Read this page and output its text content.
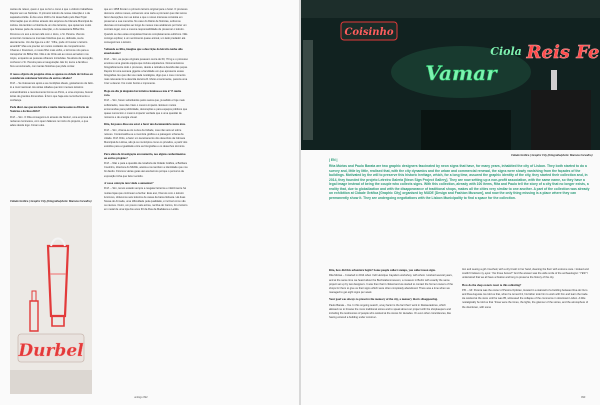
cantes de relevo, quem é que os fez e como é que o vidreiro trabalhava. Depois vem as histórias. O primeiro letreiro da nossa colecção é o da sapataria A Elite. É dos anos 1940 e foi desenhado pelo Raul Tojal. Informação que só obtive através dos arquivos da Câmara Municipal de Lisboa. Há também a história de um dos letreiros, que quisemos muito que ficasse parte da nossa colecção, o do restaurante Bilhar Rio. Fizemos um ano a tomar café com o dono, o Sr. Pereira. Viemos encontrar contava-me imensas histórias que eu, delicada, ouvia atentamente. Um dia liga-me e diz: “Olhe, pode vir buscar o letreiro amanhã!” Mas era preciso ter muitos cuidados de compartimento. Chamei o Francisco, o nosso filho mais velho, e lá fomos nós para a transportar do Bilhar Rio. Não é de Chile até ao nosso armazém nos Anjos, enquanto as pessoas olhavam incrédulas. Na altura da recepção, conhecer o Sr. Pereira para a inauguração. Ele foi, levou a família e ficou emocionado, com tantas histórias que pôde contar.

O nosso objecto de pesquisa situa-se apenas na cidade de Lisboa ou consideram colecionar letreiros de outras cidades?

R.M. – Se tivéssemos apoio e as condições ideais, gostaríamos de fazê-lo a nível nacional. Há várias cidades que têm imensos letreiros extraordinários e recentemente fomos ao Porto, a uma empresa, buscar letras de grandes dimensões. É bom que haja este reconhecimento e confiança.

Pode dizer-me que um letreiro é muito interessante no Diário de Notícias e da Rosa Ribi?

R.M. – Sim. O Rita conseguimo-lo através da Neoluz, uma empresa de reclames luminosos, com quem falámos no início do projecto, e que adeiu desde logo. Foram eles.

Cidade Gráfica | Graphic City (fotografia/photo: Mariana Carvalho)
Durbel

que em 1958 fizeram o primeiro letreiro original para o hotel. O processo demorou vários meses, estivemos uma carta a prometer que não íamos fazer decepções com as letras e que o nosso interesse consistia em preservar a sua memória. No caso do Diário de Notícias, sofremos diversas conversações ao longo de meses mas acabámos por fazer um contrato legal, com a mesma responsabilidade de preservar o letreiro. Quando se deu estas conquistas ficamos completamente eufóricos. Não consigo explicar, é um sentimento quase animal, um lado predador até conseguirmos o letreiro.

Voltando ao Rita, imagino que a descrição do letreiro tenha sido emocionante!

R.M. – Sim, as peças originais pesavam cerca de 60, 70 kg e o processo envolveu uma grande equipa que incluía arquitectos. Documentámos fotograficamente todo o processo, desde a retirada à descida das peças. Depois foi uma semana gigante a faculdade em que apresente essas fotografias. Eu que não sou nada nostálgica, digo que o meu momento mais relevante foi a descida da letra R. Muito emocionante, parecia uma Cruz a descer. Foi muito bonito e imponente.

Hoje em dia já ninguém faz letreiros luminosos não é? E muito raro.

R.M. – Sim, foram substituídos pelos sacos que, já sabido e hoje mais sofisticados, mas não criam o mesmo impacto. Existem muitos encomendas para publicidade, decorações e para espaços públicos que quase nunca têm o mesmo impacto verdade que é uma questão de números e de energia visual.

Rita, há pouco disse-me estar a fazer um documentário nesta área.

R.M. – Sim, chama-se As Luzes da Cidade, mas não será só sobre néones. Contextualiza-se a memória gráfica e a paisagem urbana da cidade. R.M. Ditto, a fazer um levantamento dos desenhos da Câmara Municipal de Lisboa, são já os municípios como os privados, a partir dos estúdios para a igualdade entre as fotografias e os desenhos técnicos.

Para além da investigação em memória, nos alguns conhecimentos ou outros projetos?

R.M. – Não e para a questão da curadoria da Cidade Gráfica, a Bárbara Coutinho, directora do MUDE, aceitou-nos também a identidade que nos foi dando. Fizemos várias guias até acertarmos porque o percurso da exposição tinha que fazer sentido.

A vossa colecção tem vindo a aumentar?

R.M. – Sim, temos estado sempre a resgatar letreiros e infelizmente há muitas lojas que continuam a fechar. Este ano, fizemos com o letreiro luminoso, obtivemos seis letreiros de casas da baixa lisboeta. Há duas Nossa do Armada, uma dificuldade pela qualidade, é incrível como vão os néones. Outro, um pouco mais acima, na Rua do Carmo, foi o letreiro em metal de uma loja dos anos 30 da Rua da Madalena e Leitão.

umbigo 092
Coisinho
Vamar
Ciola Reis Fe
Cidade Gráfica | Graphic City (fotografia/photo: Mariana Carvalho)
| EN |
Rita Múrias and Paulo Barata are two graphic designers fascinated by neon signs that have, for many years, inhabited the city of Lisbon. They both started to do a survey and, little by little, realised that, with the city dynamics and the urban and commercial renewal, the signs were slowly vanishing from the façades of the buildings. Motivated by the will to preserve this historic heritage, which, for a long time, assured the graphic identity of the city, they started their collection and, in 2014, they founded the projeto Letreiro Galeria [Neon Sign Project Gallery]. They are now setting up a non-profit association, with the same name, so they have a legal image instead of being the couple who collects signs. With this collection, already with 100 items, Rita and Paulo tell the story of a city that no longer exists, a reality that, due to globalization and with the disappearance of traditional shops, makes all the cities very similar to one another. A part of the collection was already on exhibition at Cidade Gráfica [Graphic City] organised by MUDE [Design and Fashion Museum], and now the only thing missing is a place where they can permanently show it. They are undergoing negotiations with the Lisbon Municipality to find a space for the collection.

Rita, how did this adventure begin? Some people collect stamps, you collect neon signs.

Rita Múrias – It started in 2014 when I left Henrique Cayatte's workshop, with whom I worked several years, and at the same time we heard about the Buchstabenmuseum, a museum in Berlin with exactly the same project set up by two designers. It was then that it clicked and we started to contact the former owners of the shops for them to give us their signs which were often completely abandoned. There was a time when we managed to get eight signs per week.

Your goal was always to preserve the memory of the city, a memory that is disappearing.

Paulo Barata – Yes. In this ongoing search, a key factor is the fact that I work in Restauradores, which allowed me to browse the more traditional stores and to speak about our project with the shopkeepers and including the testimonies of people who worked at the stores for decades. Or even other coincidences, like having entered a building under construc-

tion and seeing a girl crouched, with a dry brush in her hand, cleaning the floor with extreme care. I looked and couldn't believe my eyes: “the those bones!!” And the answer was the wide smile of the archaeologist: “YES!” I understood that we all have a fixation and long to preserve the history of the city.

How do the shop owners react to this collecting?

P.B. – Mr. Pereira was the owner of Pereira Optician, located in a stairwell of a building between Rua do Ouro and Rua Augusta. He told us that, when he turned 13, his father took him to work with him and learn the trade. He worked at the store until he was 85, witnessed the collapse of the commerce in downtown Lisbon. A little nostalgically he told us that “those were the times, the lights, the glamour of the stores, and the atmosphere of the downtown, with some

093
